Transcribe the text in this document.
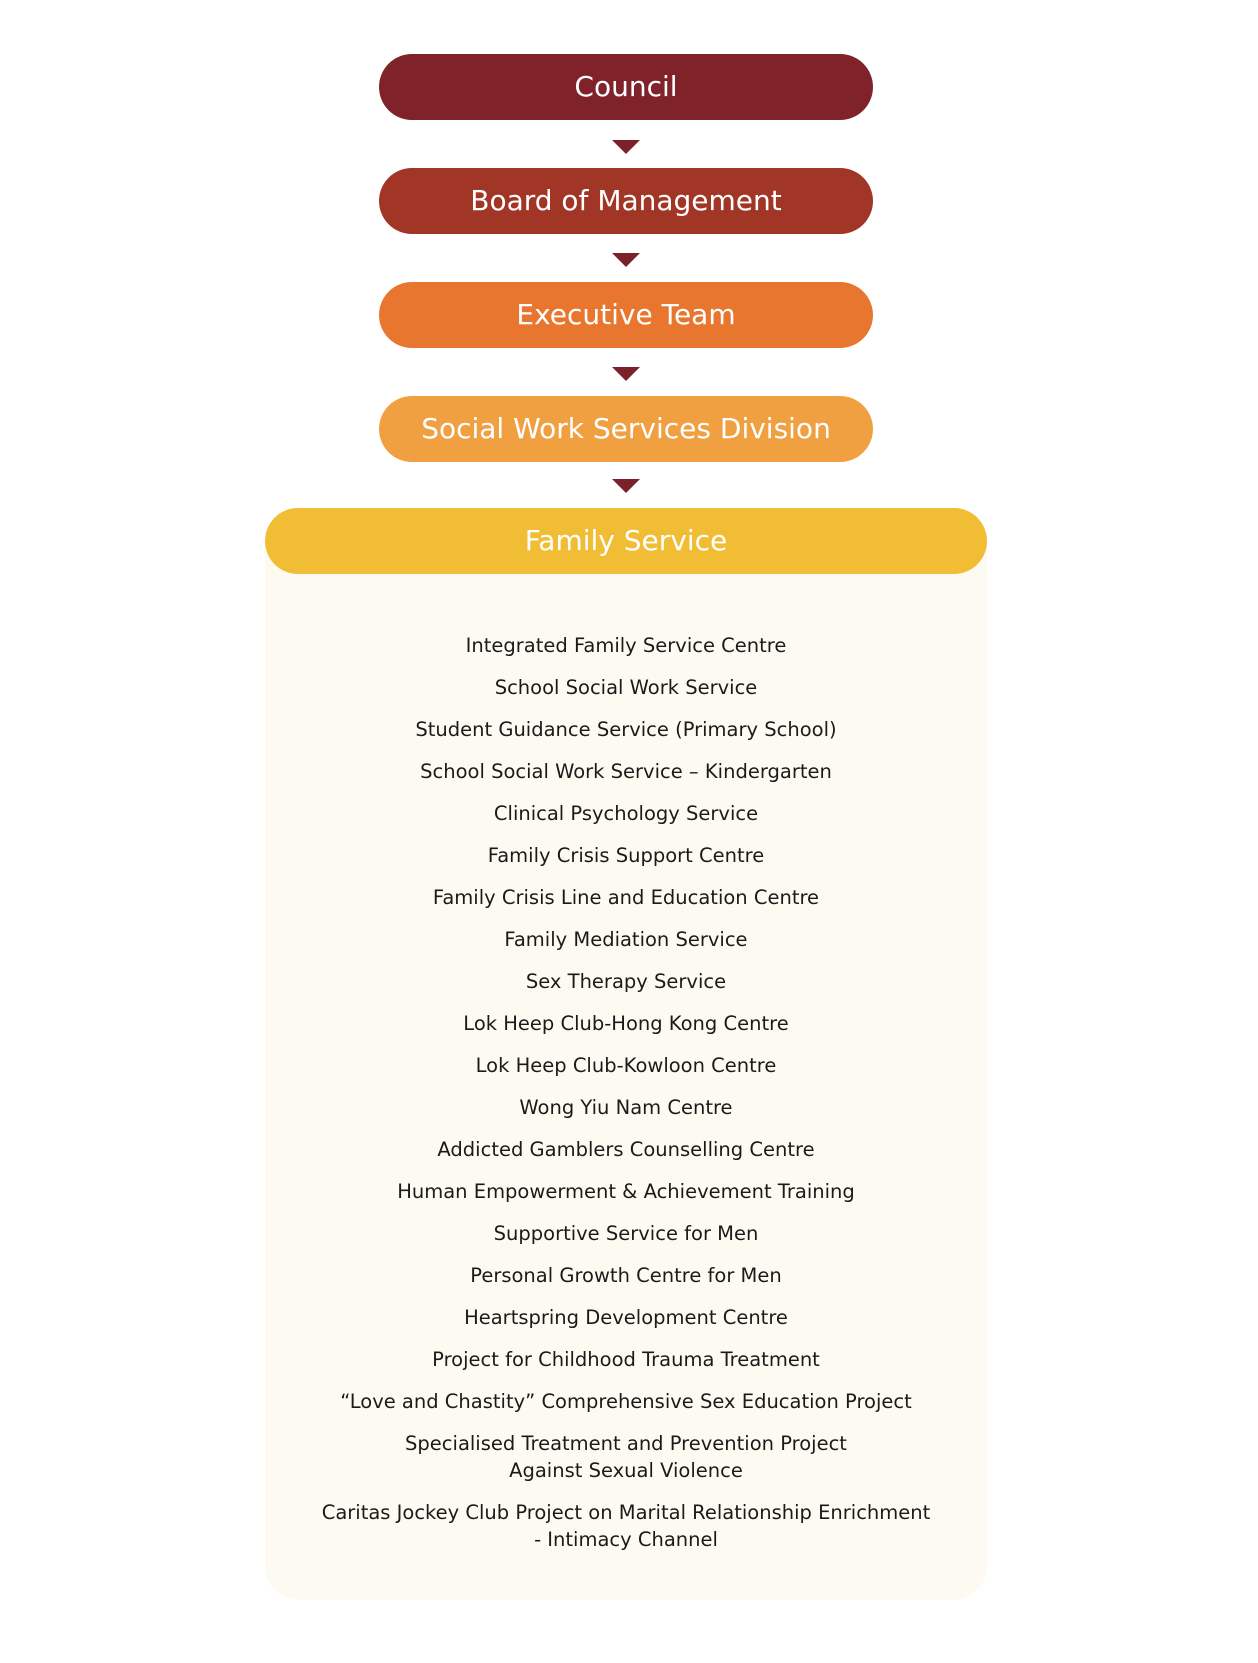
Council
Board of Management
Executive Team
Social Work Services Division
Family Service
Integrated Family Service Centre
School Social Work Service
Student Guidance Service (Primary School)
School Social Work Service – Kindergarten
Clinical Psychology Service
Family Crisis Support Centre
Family Crisis Line and Education Centre
Family Mediation Service
Sex Therapy Service
Lok Heep Club-Hong Kong Centre
Lok Heep Club-Kowloon Centre
Wong Yiu Nam Centre
Addicted Gamblers Counselling Centre
Human Empowerment & Achievement Training
Supportive Service for Men
Personal Growth Centre for Men
Heartspring Development Centre
Project for Childhood Trauma Treatment
“Love and Chastity” Comprehensive Sex Education Project
Specialised Treatment and Prevention Project
Against Sexual Violence
Caritas Jockey Club Project on Marital Relationship Enrichment
- Intimacy Channel
